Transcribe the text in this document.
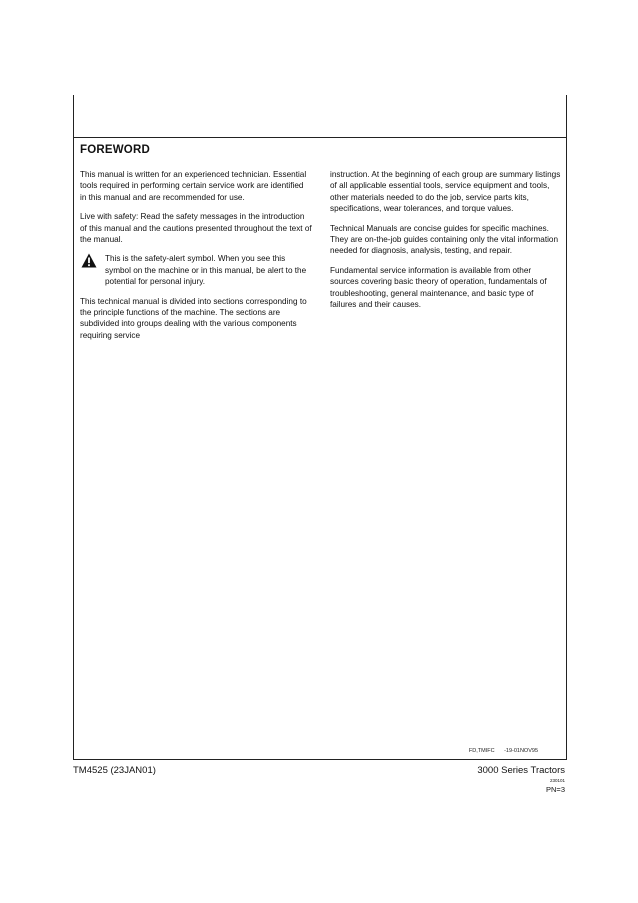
FOREWORD

This manual is written for an experienced technician. Essential tools required in performing certain service work are identified in this manual and are recommended for use.

Live with safety: Read the safety messages in the introduction of this manual and the cautions presented throughout the text of the manual.

This is the safety-alert symbol. When you see this symbol on the machine or in this manual, be alert to the potential for personal injury.

This technical manual is divided into sections corresponding to the principle functions of the machine. The sections are subdivided into groups dealing with the various components requiring service

instruction. At the beginning of each group are summary listings of all applicable essential tools, service equipment and tools, other materials needed to do the job, service parts kits, specifications, wear tolerances, and torque values.

Technical Manuals are concise guides for specific machines. They are on-the-job guides containing only the vital information needed for diagnosis, analysis, testing, and repair.

Fundamental service information is available from other sources covering basic theory of operation, fundamentals of troubleshooting, general maintenance, and basic type of failures and their causes.

FD,TMIFC -19-01NOV95
TM4525 (23JAN01)	3000 Series Tractors
230101
PN=3
